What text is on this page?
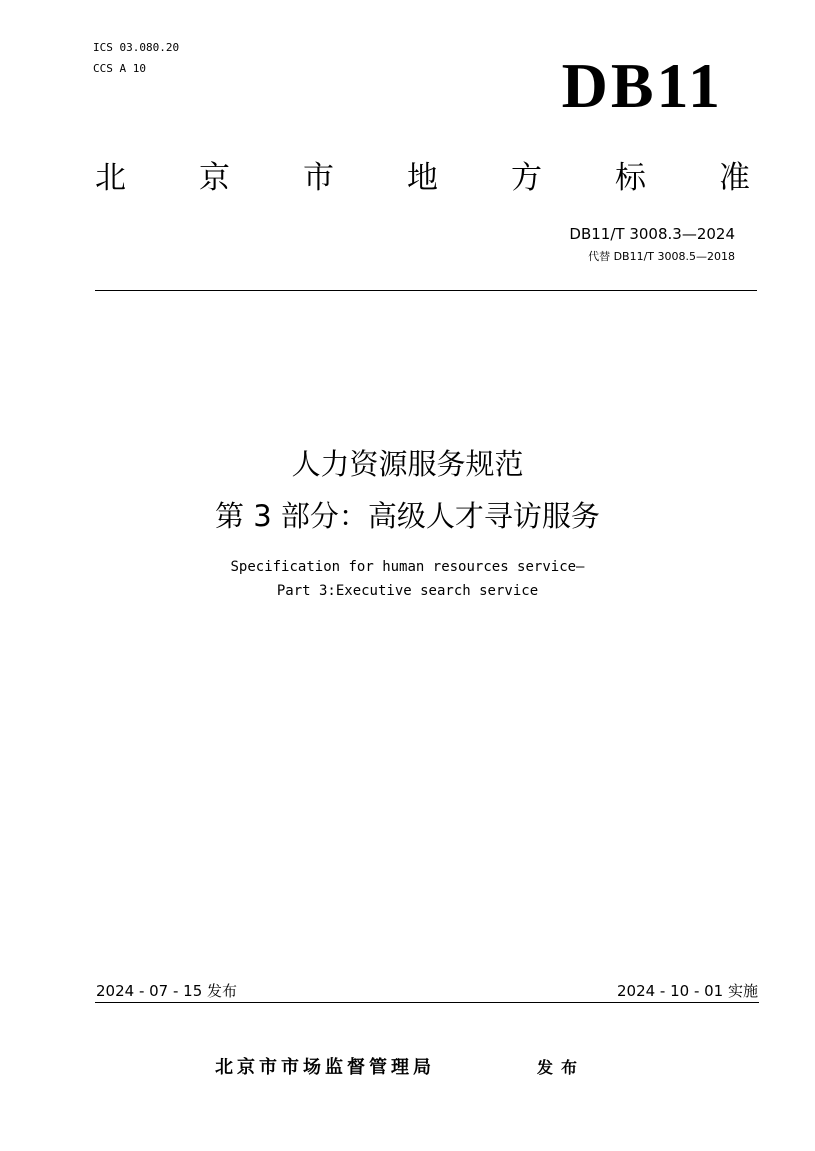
ICS 03.080.20
CCS A 10	DB11
北 京 市 地 方 标 准
DB11/T 3008.3—2024
代替 DB11/T 3008.5—2018
人力资源服务规范
第 3 部分：高级人才寻访服务
Specification for human resources service—
Part 3:Executive search service
2024 - 07 - 15 发布	2024 - 10 - 01 实施
北京市市场监督管理局	发布
